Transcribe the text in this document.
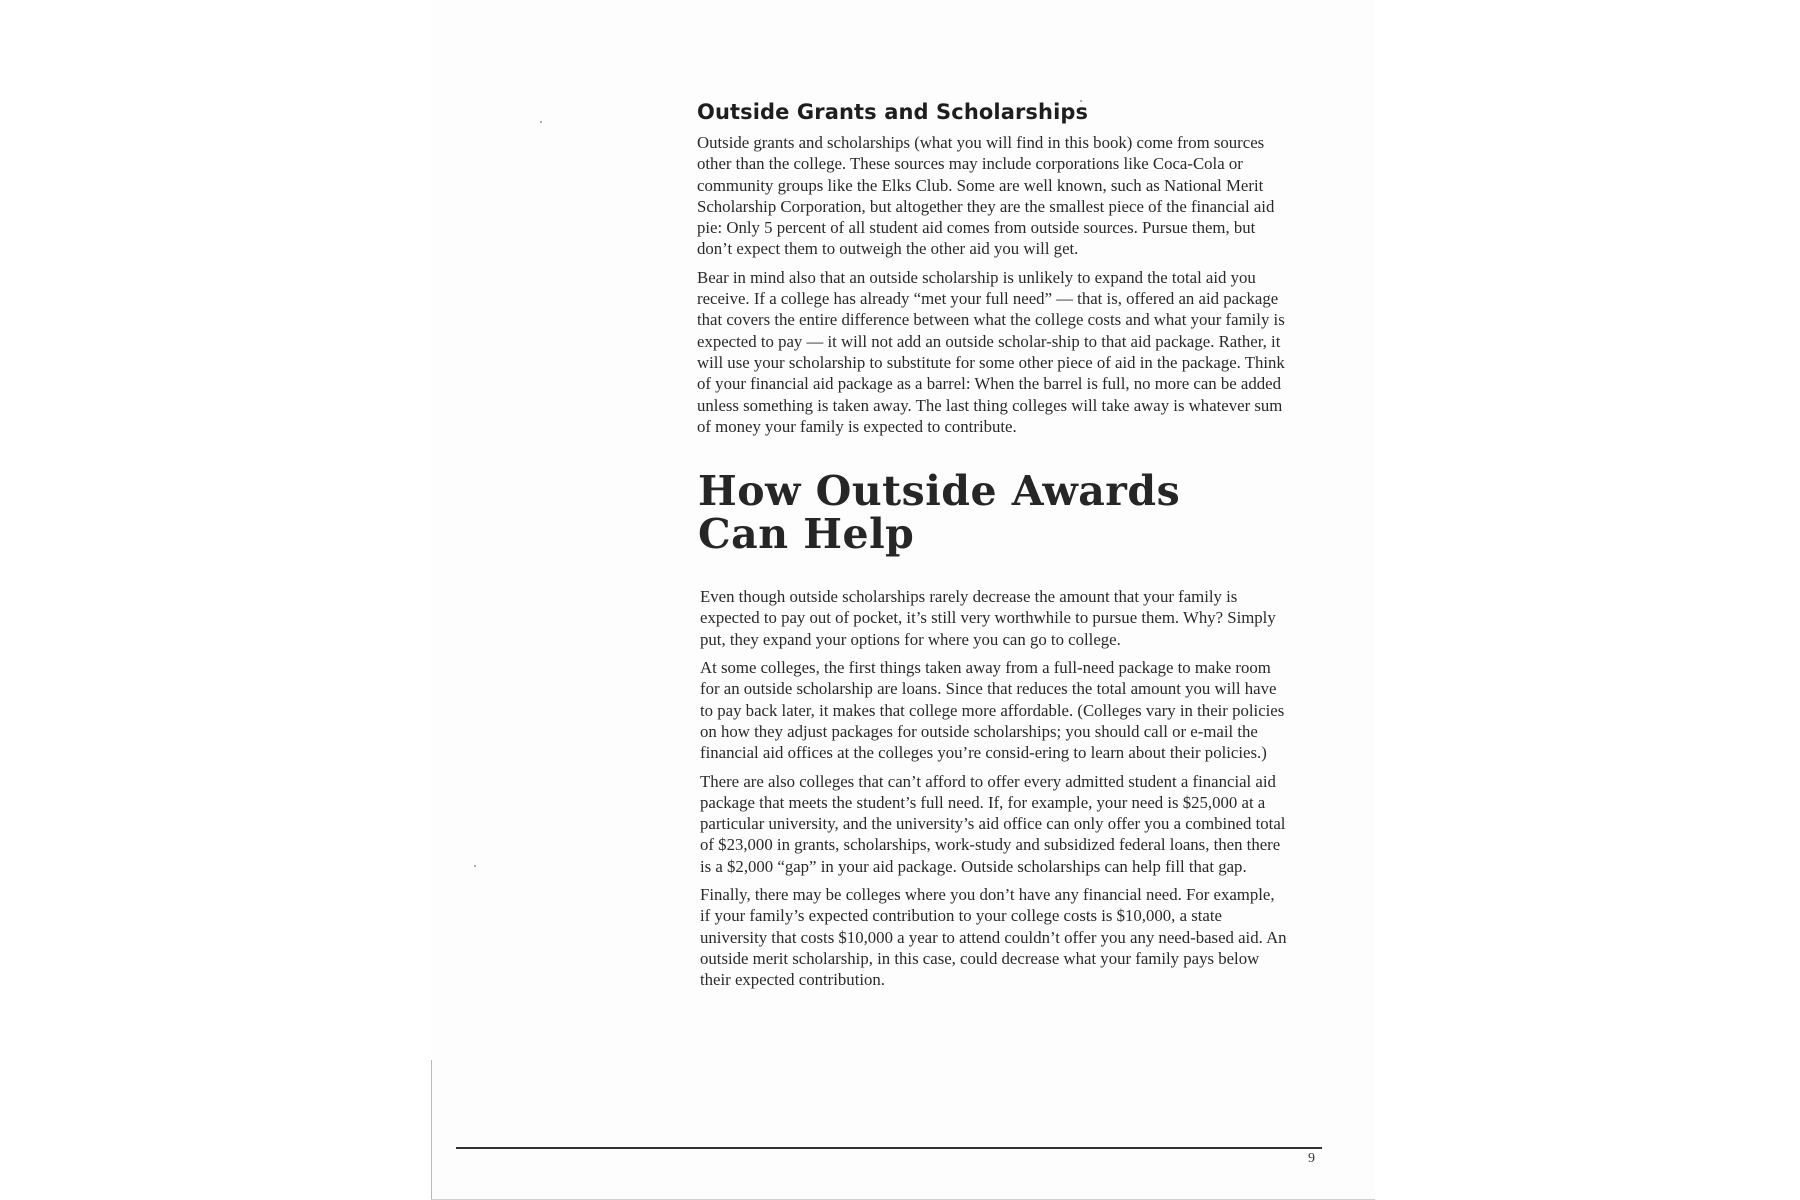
Outside Grants and Scholarships

Outside grants and scholarships (what you will find in this book) come from sources other than the college. These sources may include corporations like Coca-Cola or community groups like the Elks Club. Some are well known, such as National Merit Scholarship Corporation, but altogether they are the smallest piece of the financial aid pie: Only 5 percent of all student aid comes from outside sources. Pursue them, but don’t expect them to outweigh the other aid you will get.

Bear in mind also that an outside scholarship is unlikely to expand the total aid you receive. If a college has already “met your full need” — that is, offered an aid package that covers the entire difference between what the college costs and what your family is expected to pay — it will not add an outside scholar-ship to that aid package. Rather, it will use your scholarship to substitute for some other piece of aid in the package. Think of your financial aid package as a barrel: When the barrel is full, no more can be added unless something is taken away. The last thing colleges will take away is whatever sum of money your family is expected to contribute.

How Outside Awards Can Help

Even though outside scholarships rarely decrease the amount that your family is expected to pay out of pocket, it’s still very worthwhile to pursue them. Why? Simply put, they expand your options for where you can go to college.

At some colleges, the first things taken away from a full-need package to make room for an outside scholarship are loans. Since that reduces the total amount you will have to pay back later, it makes that college more affordable. (Colleges vary in their policies on how they adjust packages for outside scholarships; you should call or e-mail the financial aid offices at the colleges you’re consid-ering to learn about their policies.)

There are also colleges that can’t afford to offer every admitted student a financial aid package that meets the student’s full need. If, for example, your need is $25,000 at a particular university, and the university’s aid office can only offer you a combined total of $23,000 in grants, scholarships, work-study and subsidized federal loans, then there is a $2,000 “gap” in your aid package. Outside scholarships can help fill that gap.

Finally, there may be colleges where you don’t have any financial need. For example, if your family’s expected contribution to your college costs is $10,000, a state university that costs $10,000 a year to attend couldn’t offer you any need-based aid. An outside merit scholarship, in this case, could decrease what your family pays below their expected contribution.

9
